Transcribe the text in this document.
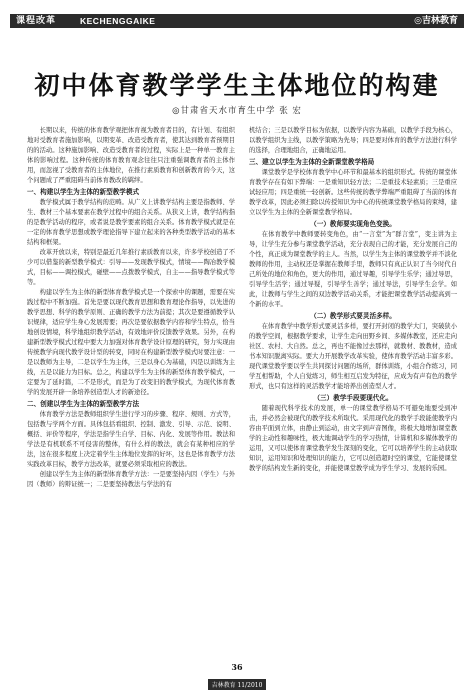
课程改革	KECHENGGAIKE	◎吉林教育
初中体育教学学生主体地位的构建
◎甘肃省天水市育生中学 张 宏

长期以来，传统的体育教学观把体育视为教育者目的，有计划、有组织地对受教育者施加影响，以期变革、改造受教育者，使其达到教育者预期目的的活动。这种施加影响、改造受教育者的过程，实际上是一种单一教育主体的影响过程。这种传统的体育教育观念往往只注重强调教育者的主体作用，而忽视了受教育者的主体地位，在推行素质教育和创新教育的今天，这个问题成了严重阻碍当前体育教改的羁绊。

一、构建以学生为主体的新型教学模式

教学模式属于教学结构的范畴。从广义上讲教学结构主要是指教师、学生、教材三个基本要素在教学过程中的组合关系。从狭义上讲，教学结构指的是教学活动的程序，或者说是教学要素的组合关系。体育教学模式就是在一定的体育教学思想或教学理论指导下建立起来的各种类型教学活动的基本结构和框架。

改革开放以来，特别是最近几年推行素质教育以来，许多学校创造了不少可以借鉴的新型教学模式：引导——发现教学模式，情境——陶冶教学模式，目标——调控模式，碰壁——点拨教学模式，自主——指导教学模式等等。

构建以学生为主体的新型体育教学模式是一个探索中的课题，需要在实践过程中不断加强。首先是要以现代教育思想和教育理论作指导，以先进的教学思想、科学的教学原则、正确的教学方法为前提；其次是要遵循教学认识规律，适应学生身心发展需要；再次是要依据教学内容和学生特点，恰当地创设情境，科学地组织教学活动，有效地评价反馈教学效果。另外，在构建新型教学模式过程中要大力加强对体育教学设计原理的研究，努力实现由传统教学向现代教学设计型的转变，同时在构建新型教学模式时要注意：一是以教师为主导，二是以学生为主体，三是以身心为基础，四是以训练为主线，五是以能力为目标。总之，构建以学生为主体的新型体育教学模式，一定要为了延时篇，二不是形式，而是为了改变旧的教学模式，为现代体育教学的发展开辟一条培养创造型人才的新途径。

二、创建以学生为主体的新型教学方法

体育教学方法是教师组织学生进行学习的步骤、程序、规则、方式等，包括教与学两个方面。具体包括看组织、控制、激发、引导、示范、说明、概括、评价等程序，学法是指学生自学、目标、内化、发展等作用。教法和学法是有机联系不可侵害的整体，有什么样的教法，就会有某种相应的学法，这在很多程度上决定着学生主体地位发挥的好坏，这也是体育教学方法实践改革目标，教学方法改革，就要必须采取相应的教法。

创建以学生为主体的新型体育教学方法：一是要坚持内因（学生）与外因（教师）的辩证统一；二是要坚持教法与学法的有

机结合；三是以教学目标为依据，以教学内容为基础，以教学手段为核心，以教学组织为主线，以教学策略为先导；四是要对体育的教学方法进行科学的选择，合理地组合，正确地运用。

三、建立以学生为主体的全新课堂教学格局

课堂教学是学校体育教学中心环节和最基本的组织形式。传统的课堂体育教学存在有如下弊端：一是重知识轻方法；二是重技术轻素质；三是重应试轻应用；四是重统一轻创新。这些传统的教学弊端严重阻碍了当前的体育教学改革，因此必须扫除以传授知识为中心的传统课堂教学格局的束缚，建立以学生为主体的全新课堂教学格局。

（一）教师要实现角色变换。

在体育教学中教师要转变角色，由“一言堂”为“群言堂”，变主讲为主导，让学生充分参与课堂教学活动，充分表现自己的才能，充分发展自己的个性，真正成为课堂教学的主人。当然，以学生为主体的课堂教学并不淡化教师的作用，主动权还是掌握在教师手里，教师只有真正认识了当今时代自己所处的地位和角色，更大的作用，通过导趣，引导学生乐学；通过导思，引导学生活学；通过导疑，引导学生善学；通过导法，引导学生会学。如此，让教师与学生之间的双边教学活动关系，才能把课堂教学活动提高到一个新的水平。

（二）教学形式要灵活多样。

在体育教学中教学形式要灵活多样，要打开封闭的教学大门，突破狭小的教学空间，根据教学要求，让学生走向田野乡间、多媒体教室，还应走向社区、农村、大自然。总之，再也不能像过去那样，就教材、教教材，造成书本知识脱离实际。要大力开展教学改革实验，使体育教学活动丰富多彩。现代课堂教学要以学生共同探讨问题的场所，群体训练，小组合作练习，同学互相帮助，个人自觉练习，师生相互启发为特征，应成为有声有色的教学形式，也只有这样的灵活教学才能培养出创造型人才。

（三）教学手段要现代化。

随着现代科学技术的发展，单一的课堂教学格局不可避免地要受到冲击，并必然会被现代的教学技术所取代。采用现代化的教学手段能使教学内容由平面到立体，由静止到运动，由文字到声音图像，将极大地增加课堂教学的主动性和趣味性，极大地调动学生的学习热情，计算机和多媒体教学的运用，又可以使体育课堂教学发生深刻的变化，它可以培养学生的主动获取知识，运用知识和处理知识的能力，它可以创造超时空的课堂，它能使课堂教学的结构发生新的变化，并能使课堂教学成为学生学习、发展的乐园。

36
吉林教育 11/2010
